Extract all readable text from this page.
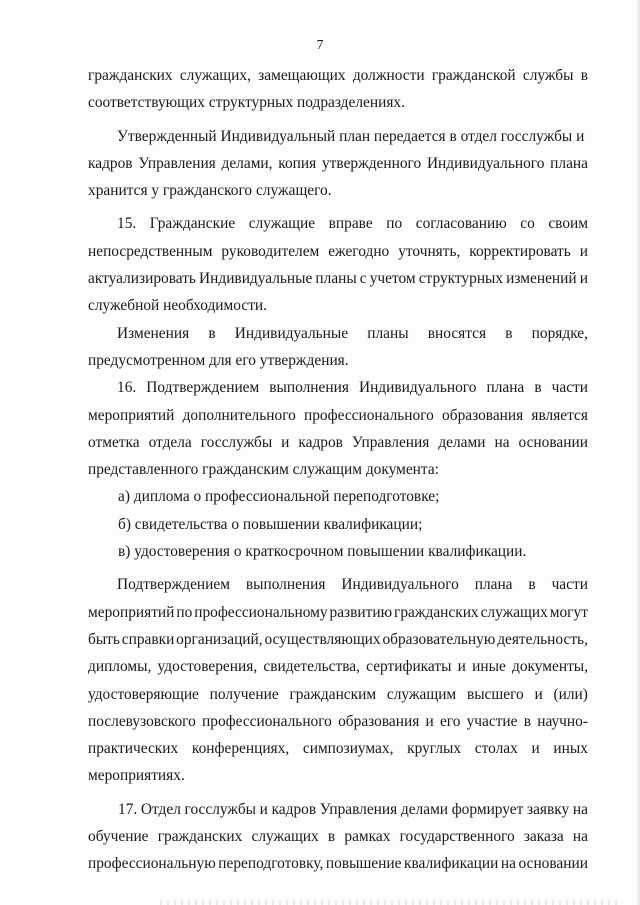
7
гражданских служащих, замещающих должности гражданской службы в
соответствующих структурных подразделениях.
Утвержденный Индивидуальный план передается в отдел госслужбы и
кадров Управления делами, копия утвержденного Индивидуального плана
хранится у гражданского служащего.
15. Гражданские служащие вправе по согласованию со своим
непосредственным руководителем ежегодно уточнять, корректировать и
актуализировать Индивидуальные планы с учетом структурных изменений и
служебной необходимости.
Изменения в Индивидуальные планы вносятся в порядке,
предусмотренном для его утверждения.
16. Подтверждением выполнения Индивидуального плана в части
мероприятий дополнительного профессионального образования является
отметка отдела госслужбы и кадров Управления делами на основании
представленного гражданским служащим документа:
а) диплома о профессиональной переподготовке;
б) свидетельства о повышении квалификации;
в) удостоверения о краткосрочном повышении квалификации.
Подтверждением выполнения Индивидуального плана в части
мероприятий по профессиональному развитию гражданских служащих могут
быть справки организаций, осуществляющих образовательную деятельность,
дипломы, удостоверения, свидетельства, сертификаты и иные документы,
удостоверяющие получение гражданским служащим высшего и (или)
послевузовского профессионального образования и его участие в научно-
практических конференциях, симпозиумах, круглых столах и иных
мероприятиях.
17. Отдел госслужбы и кадров Управления делами формирует заявку на
обучение гражданских служащих в рамках государственного заказа на
профессиональную переподготовку, повышение квалификации на основании
